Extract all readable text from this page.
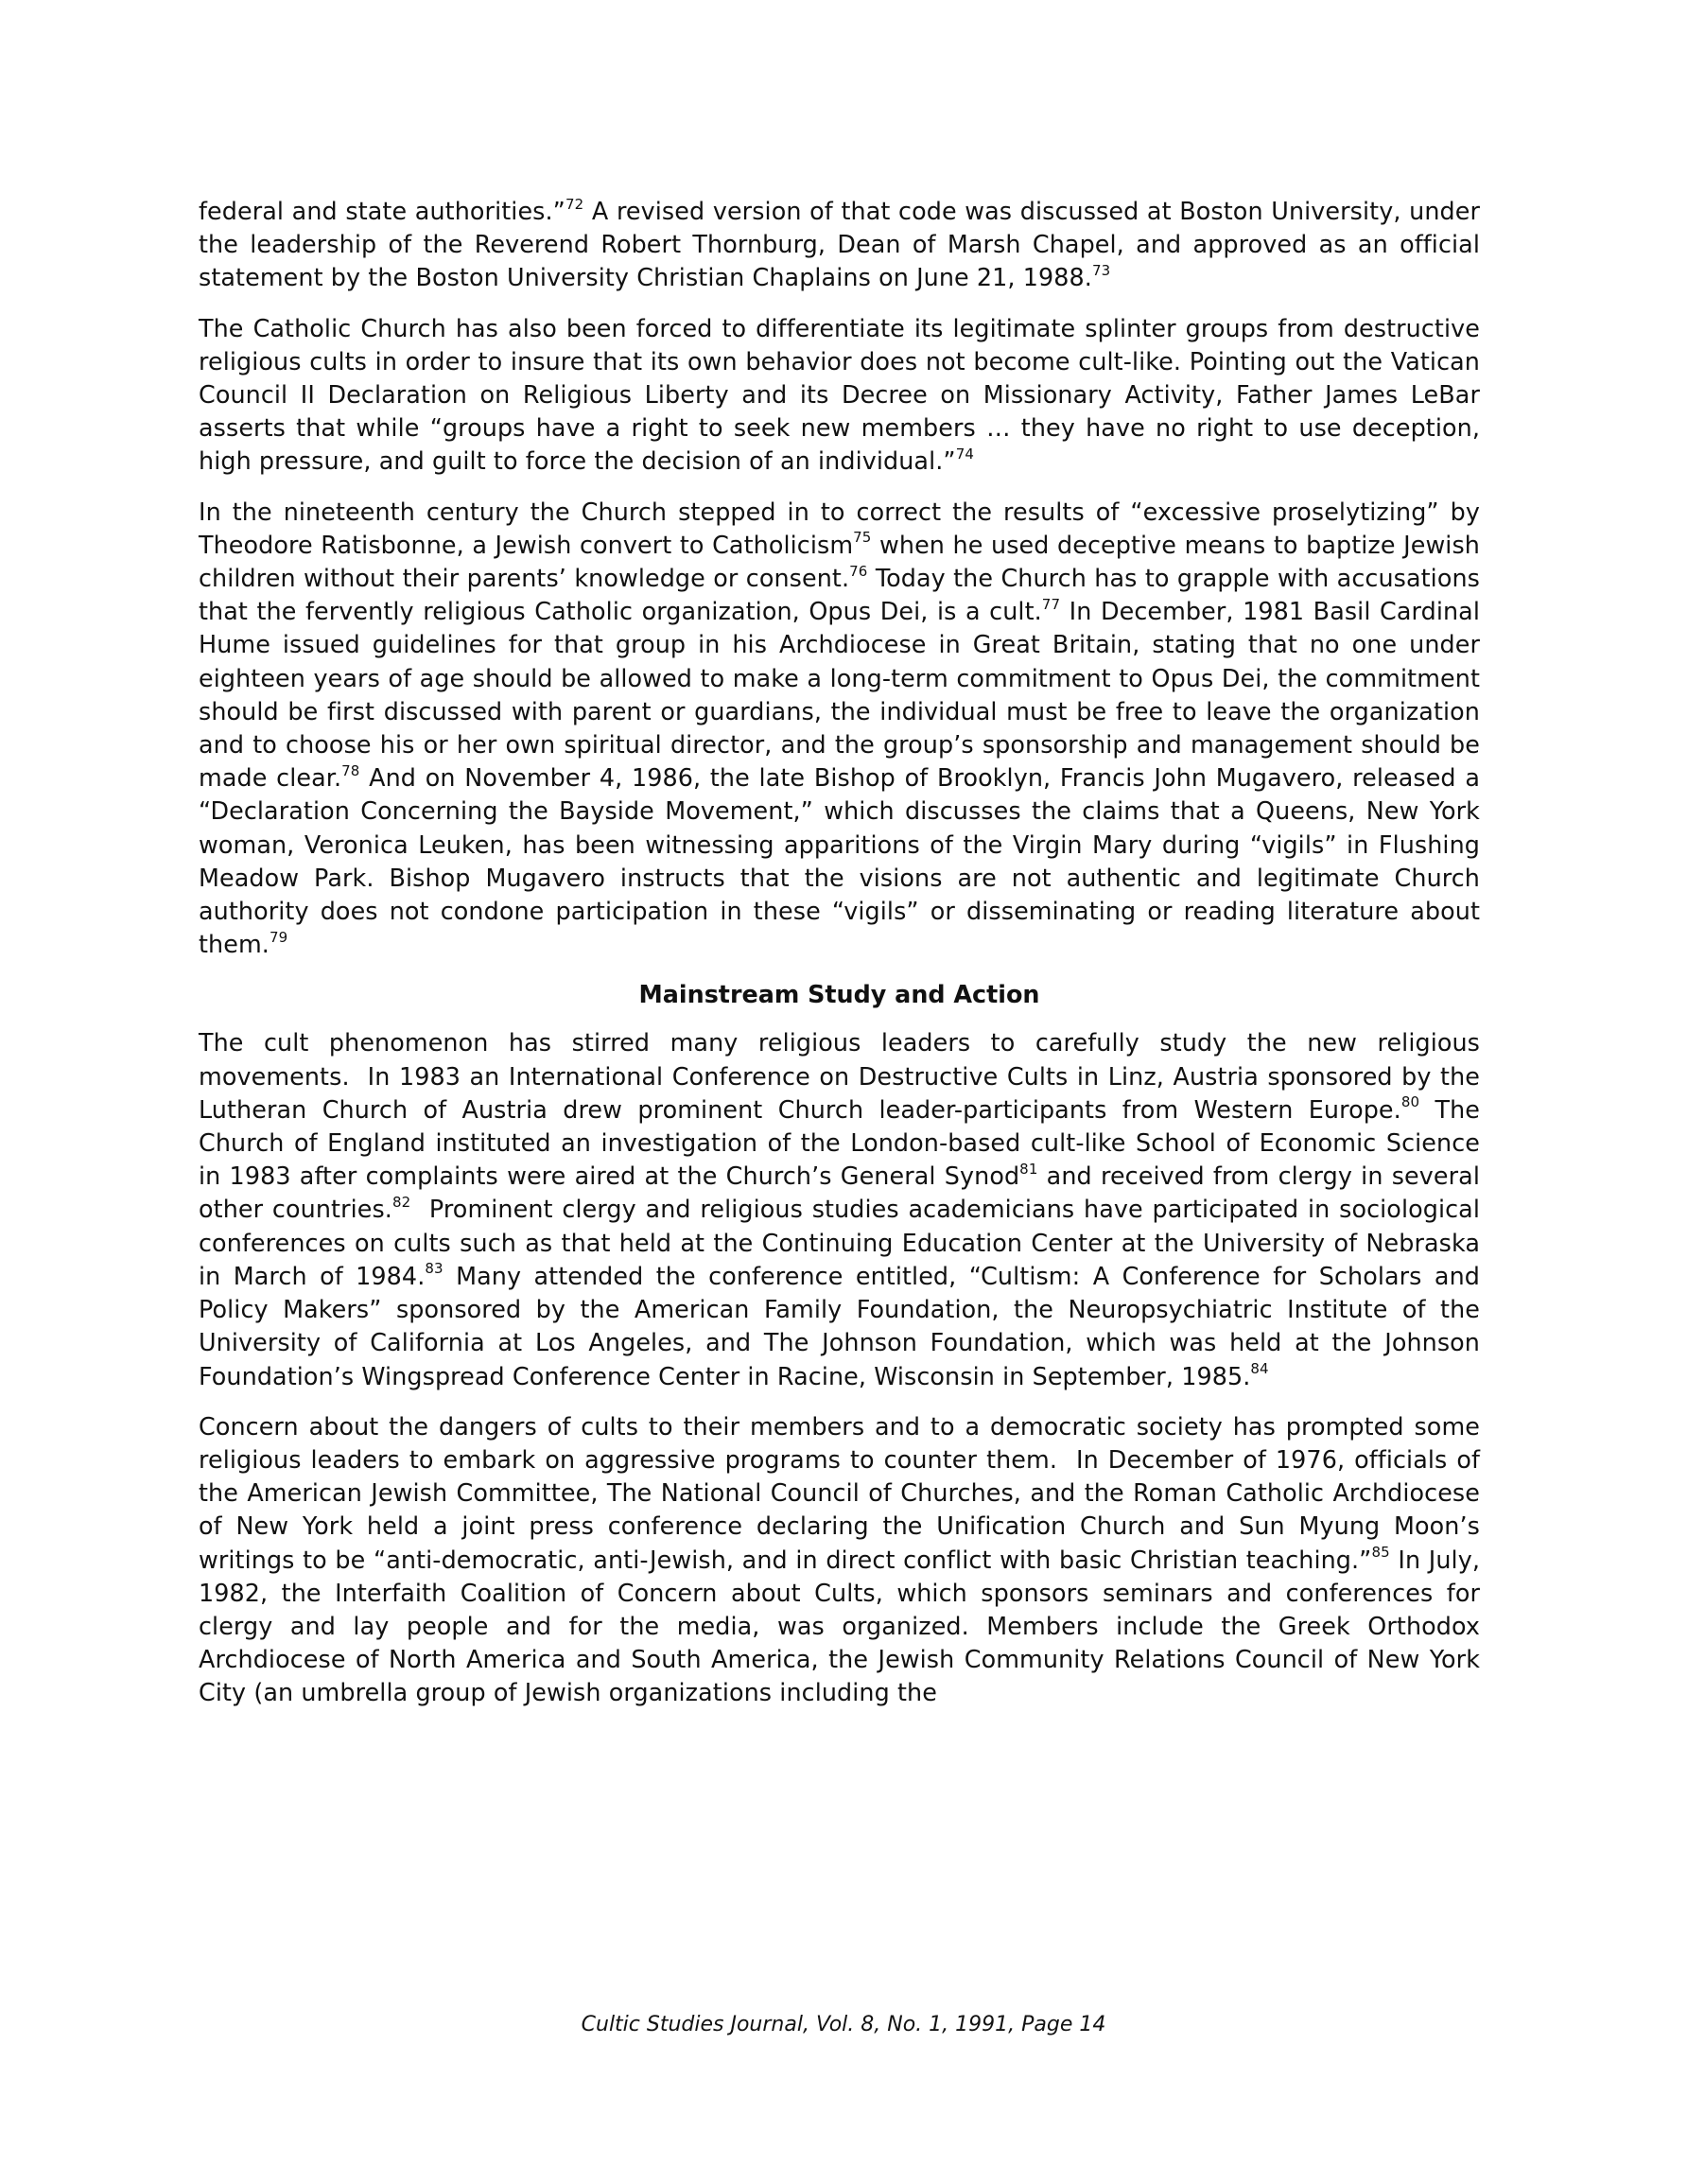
federal and state authorities.”$^{72}$ A revised version of that code was discussed at Boston University, under the leadership of the Reverend Robert Thornburg, Dean of Marsh Chapel, and approved as an official statement by the Boston University Christian Chaplains on June 21, 1988.73

The Catholic Church has also been forced to differentiate its legitimate splinter groups from destructive religious cults in order to insure that its own behavior does not become cult-like. Pointing out the Vatican Council II Declaration on Religious Liberty and its Decree on Missionary Activity, Father James LeBar asserts that while “groups have a right to seek new members … they have no right to use deception, high pressure, and guilt to force the decision of an individual.”$^{74}$

In the nineteenth century the Church stepped in to correct the results of “excessive proselytizing” by Theodore Ratisbonne, a Jewish convert to Catholicism$^{75}$ when he used deceptive means to baptize Jewish children without their parents’ knowledge or consent.$^{76}$ Today the Church has to grapple with accusations that the fervently religious Catholic organization, Opus Dei, is a cult.$^{77}$ In December, 1981 Basil Cardinal Hume issued guidelines for that group in his Archdiocese in Great Britain, stating that no one under eighteen years of age should be allowed to make a long-term commitment to Opus Dei, the commitment should be first discussed with parent or guardians, the individual must be free to leave the organization and to choose his or her own spiritual director, and the group’s sponsorship and management should be made clear.$^{78}$ And on November 4, 1986, the late Bishop of Brooklyn, Francis John Mugavero, released a “Declaration Concerning the Bayside Movement,” which discusses the claims that a Queens, New York woman, Veronica Leuken, has been witnessing apparitions of the Virgin Mary during “vigils” in Flushing Meadow Park. Bishop Mugavero instructs that the visions are not authentic and legitimate Church authority does not condone participation in these “vigils” or disseminating or reading literature about them.$^{79}$

Mainstream Study and Action

The cult phenomenon has stirred many religious leaders to carefully study the new religious movements.  In 1983 an International Conference on Destructive Cults in Linz, Austria sponsored by the Lutheran Church of Austria drew prominent Church leader-participants from Western Europe.$^{80}$ The Church of England instituted an investigation of the London-based cult-like School of Economic Science in 1983 after complaints were aired at the Church’s General Synod$^{81}$ and received from clergy in several other countries.$^{82}$  Prominent clergy and religious studies academicians have participated in sociological conferences on cults such as that held at the Continuing Education Center at the University of Nebraska in March of 1984.83 Many attended the conference entitled, “Cultism: A Conference for Scholars and Policy Makers” sponsored by the American Family Foundation, the Neuropsychiatric Institute of the University of California at Los Angeles, and The Johnson Foundation, which was held at the Johnson Foundation’s Wingspread Conference Center in Racine, Wisconsin in September, 1985.84

Concern about the dangers of cults to their members and to a democratic society has prompted some religious leaders to embark on aggressive programs to counter them.  In December of 1976, officials of the American Jewish Committee, The National Council of Churches, and the Roman Catholic Archdiocese of New York held a joint press conference declaring the Unification Church and Sun Myung Moon’s writings to be “anti-democratic, anti-Jewish, and in direct conflict with basic Christian teaching.”$^{85}$ In July, 1982, the Interfaith Coalition of Concern about Cults, which sponsors seminars and conferences for clergy and lay people and for the media, was organized. Members include the Greek Orthodox Archdiocese of North America and South America, the Jewish Community Relations Council of New York City (an umbrella group of Jewish organizations including the

Cultic Studies Journal, Vol. 8, No. 1, 1991, Page 14
